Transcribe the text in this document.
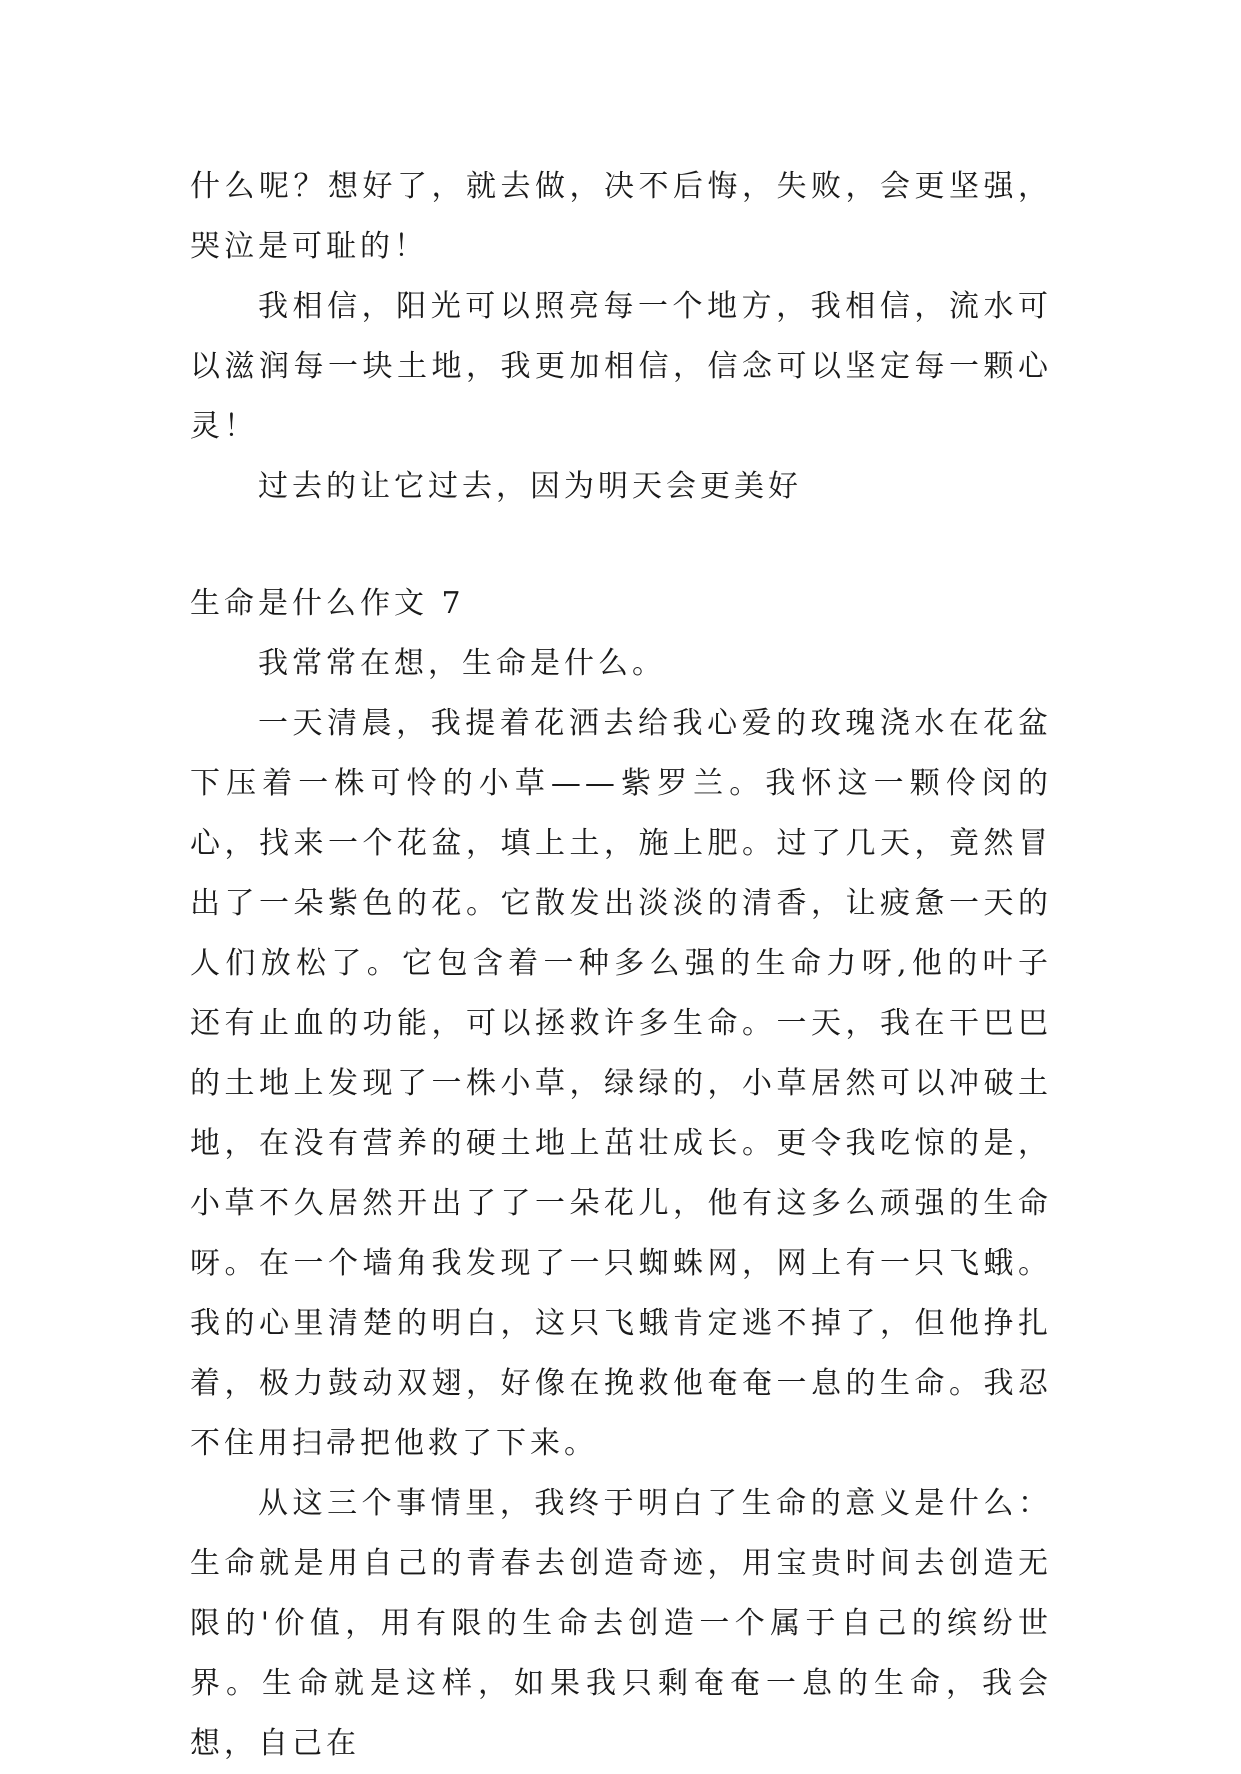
什么呢？想好了，就去做，决不后悔，失败，会更坚强，哭泣是可耻的！

我相信，阳光可以照亮每一个地方，我相信，流水可以滋润每一块土地，我更加相信，信念可以坚定每一颗心灵！

过去的让它过去，因为明天会更美好

生命是什么作文 7

我常常在想，生命是什么。

一天清晨，我提着花洒去给我心爱的玫瑰浇水在花盆下压着一株可怜的小草——紫罗兰。我怀这一颗伶闵的心，找来一个花盆，填上土，施上肥。过了几天，竟然冒出了一朵紫色的花。它散发出淡淡的清香，让疲惫一天的人们放松了。它包含着一种多么强的生命力呀,他的叶子还有止血的功能，可以拯救许多生命。一天，我在干巴巴的土地上发现了一株小草，绿绿的，小草居然可以冲破土地，在没有营养的硬土地上茁壮成长。更令我吃惊的是，小草不久居然开出了了一朵花儿，他有这多么顽强的生命呀。在一个墙角我发现了一只蜘蛛网，网上有一只飞蛾。我的心里清楚的明白，这只飞蛾肯定逃不掉了，但他挣扎着，极力鼓动双翅，好像在挽救他奄奄一息的生命。我忍不住用扫帚把他救了下来。

从这三个事情里，我终于明白了生命的意义是什么：生命就是用自己的青春去创造奇迹，用宝贵时间去创造无限的'价值，用有限的生命去创造一个属于自己的缤纷世界。生命就是这样，如果我只剩奄奄一息的生命，我会想，自己在
